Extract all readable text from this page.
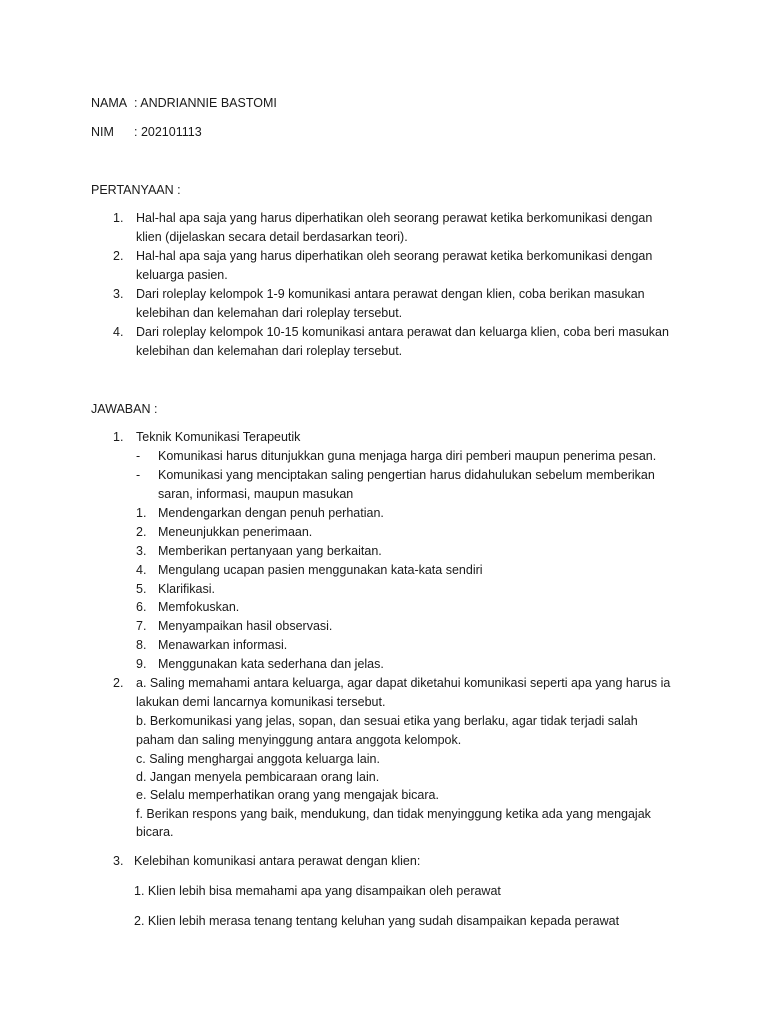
NAMA : ANDRIANNIE BASTOMI
NIM : 202101113
PERTANYAAN :
1. Hal-hal apa saja yang harus diperhatikan oleh seorang perawat ketika berkomunikasi dengan
klien (dijelaskan secara detail berdasarkan teori).
2. Hal-hal apa saja yang harus diperhatikan oleh seorang perawat ketika berkomunikasi dengan
keluarga pasien.
3. Dari roleplay kelompok 1-9 komunikasi antara perawat dengan klien, coba berikan masukan
kelebihan dan kelemahan dari roleplay tersebut.
4. Dari roleplay kelompok 10-15 komunikasi antara perawat dan keluarga klien, coba beri masukan
kelebihan dan kelemahan dari roleplay tersebut.
JAWABAN :
1. Teknik Komunikasi Terapeutik
- Komunikasi harus ditunjukkan guna menjaga harga diri pemberi maupun penerima pesan.
- Komunikasi yang menciptakan saling pengertian harus didahulukan sebelum memberikan
saran, informasi, maupun masukan
1. Mendengarkan dengan penuh perhatian.
2. Meneunjukkan penerimaan.
3. Memberikan pertanyaan yang berkaitan.
4. Mengulang ucapan pasien menggunakan kata-kata sendiri
5. Klarifikasi.
6. Memfokuskan.
7. Menyampaikan hasil observasi.
8. Menawarkan informasi.
9. Menggunakan kata sederhana dan jelas.
2. a. Saling memahami antara keluarga, agar dapat diketahui komunikasi seperti apa yang harus ia
lakukan demi lancarnya komunikasi tersebut.
b. Berkomunikasi yang jelas, sopan, dan sesuai etika yang berlaku, agar tidak terjadi salah
paham dan saling menyinggung antara anggota kelompok.
c. Saling menghargai anggota keluarga lain.
d. Jangan menyela pembicaraan orang lain.
e. Selalu memperhatikan orang yang mengajak bicara.
f. Berikan respons yang baik, mendukung, dan tidak menyinggung ketika ada yang mengajak
bicara.
3. Kelebihan komunikasi antara perawat dengan klien:
1. Klien lebih bisa memahami apa yang disampaikan oleh perawat
2. Klien lebih merasa tenang tentang keluhan yang sudah disampaikan kepada perawat
